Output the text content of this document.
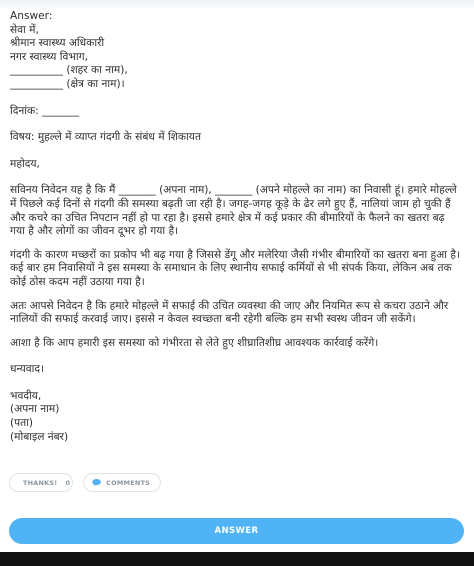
Answer:

सेवा में,

श्रीमान स्वास्थ्य अधिकारी

नगर स्वास्थ्य विभाग,

__________ (शहर का नाम),

__________ (क्षेत्र का नाम)।

दिनांक: _______

विषय: मुहल्ले में व्याप्त गंदगी के संबंध में शिकायत

महोदय,

सविनय निवेदन यह है कि मैं _______ (अपना नाम), _______ (अपने मोहल्ले का नाम) का निवासी हूं। हमारे मोहल्ले में पिछले कई दिनों से गंदगी की समस्या बढ़ती जा रही है। जगह-जगह कूड़े के ढेर लगे हुए हैं, नालियां जाम हो चुकी हैं और कचरे का उचित निपटान नहीं हो पा रहा है। इससे हमारे क्षेत्र में कई प्रकार की बीमारियों के फैलने का खतरा बढ़ गया है और लोगों का जीवन दूभर हो गया है।

गंदगी के कारण मच्छरों का प्रकोप भी बढ़ गया है जिससे डेंगू और मलेरिया जैसी गंभीर बीमारियों का खतरा बना हुआ है। कई बार हम निवासियों ने इस समस्या के समाधान के लिए स्थानीय सफाई कर्मियों से भी संपर्क किया, लेकिन अब तक कोई ठोस कदम नहीं उठाया गया है।

अतः आपसे निवेदन है कि हमारे मोहल्ले में सफाई की उचित व्यवस्था की जाए और नियमित रूप से कचरा उठाने और नालियों की सफाई करवाई जाए। इससे न केवल स्वच्छता बनी रहेगी बल्कि हम सभी स्वस्थ जीवन जी सकेंगे।

आशा है कि आप हमारी इस समस्या को गंभीरता से लेते हुए शीघ्रातिशीघ्र आवश्यक कार्रवाई करेंगे।

धन्यवाद।

भवदीय,

(अपना नाम)

(पता)

(मोबाइल नंबर)

THANKS! 0	COMMENTS
ANSWER
